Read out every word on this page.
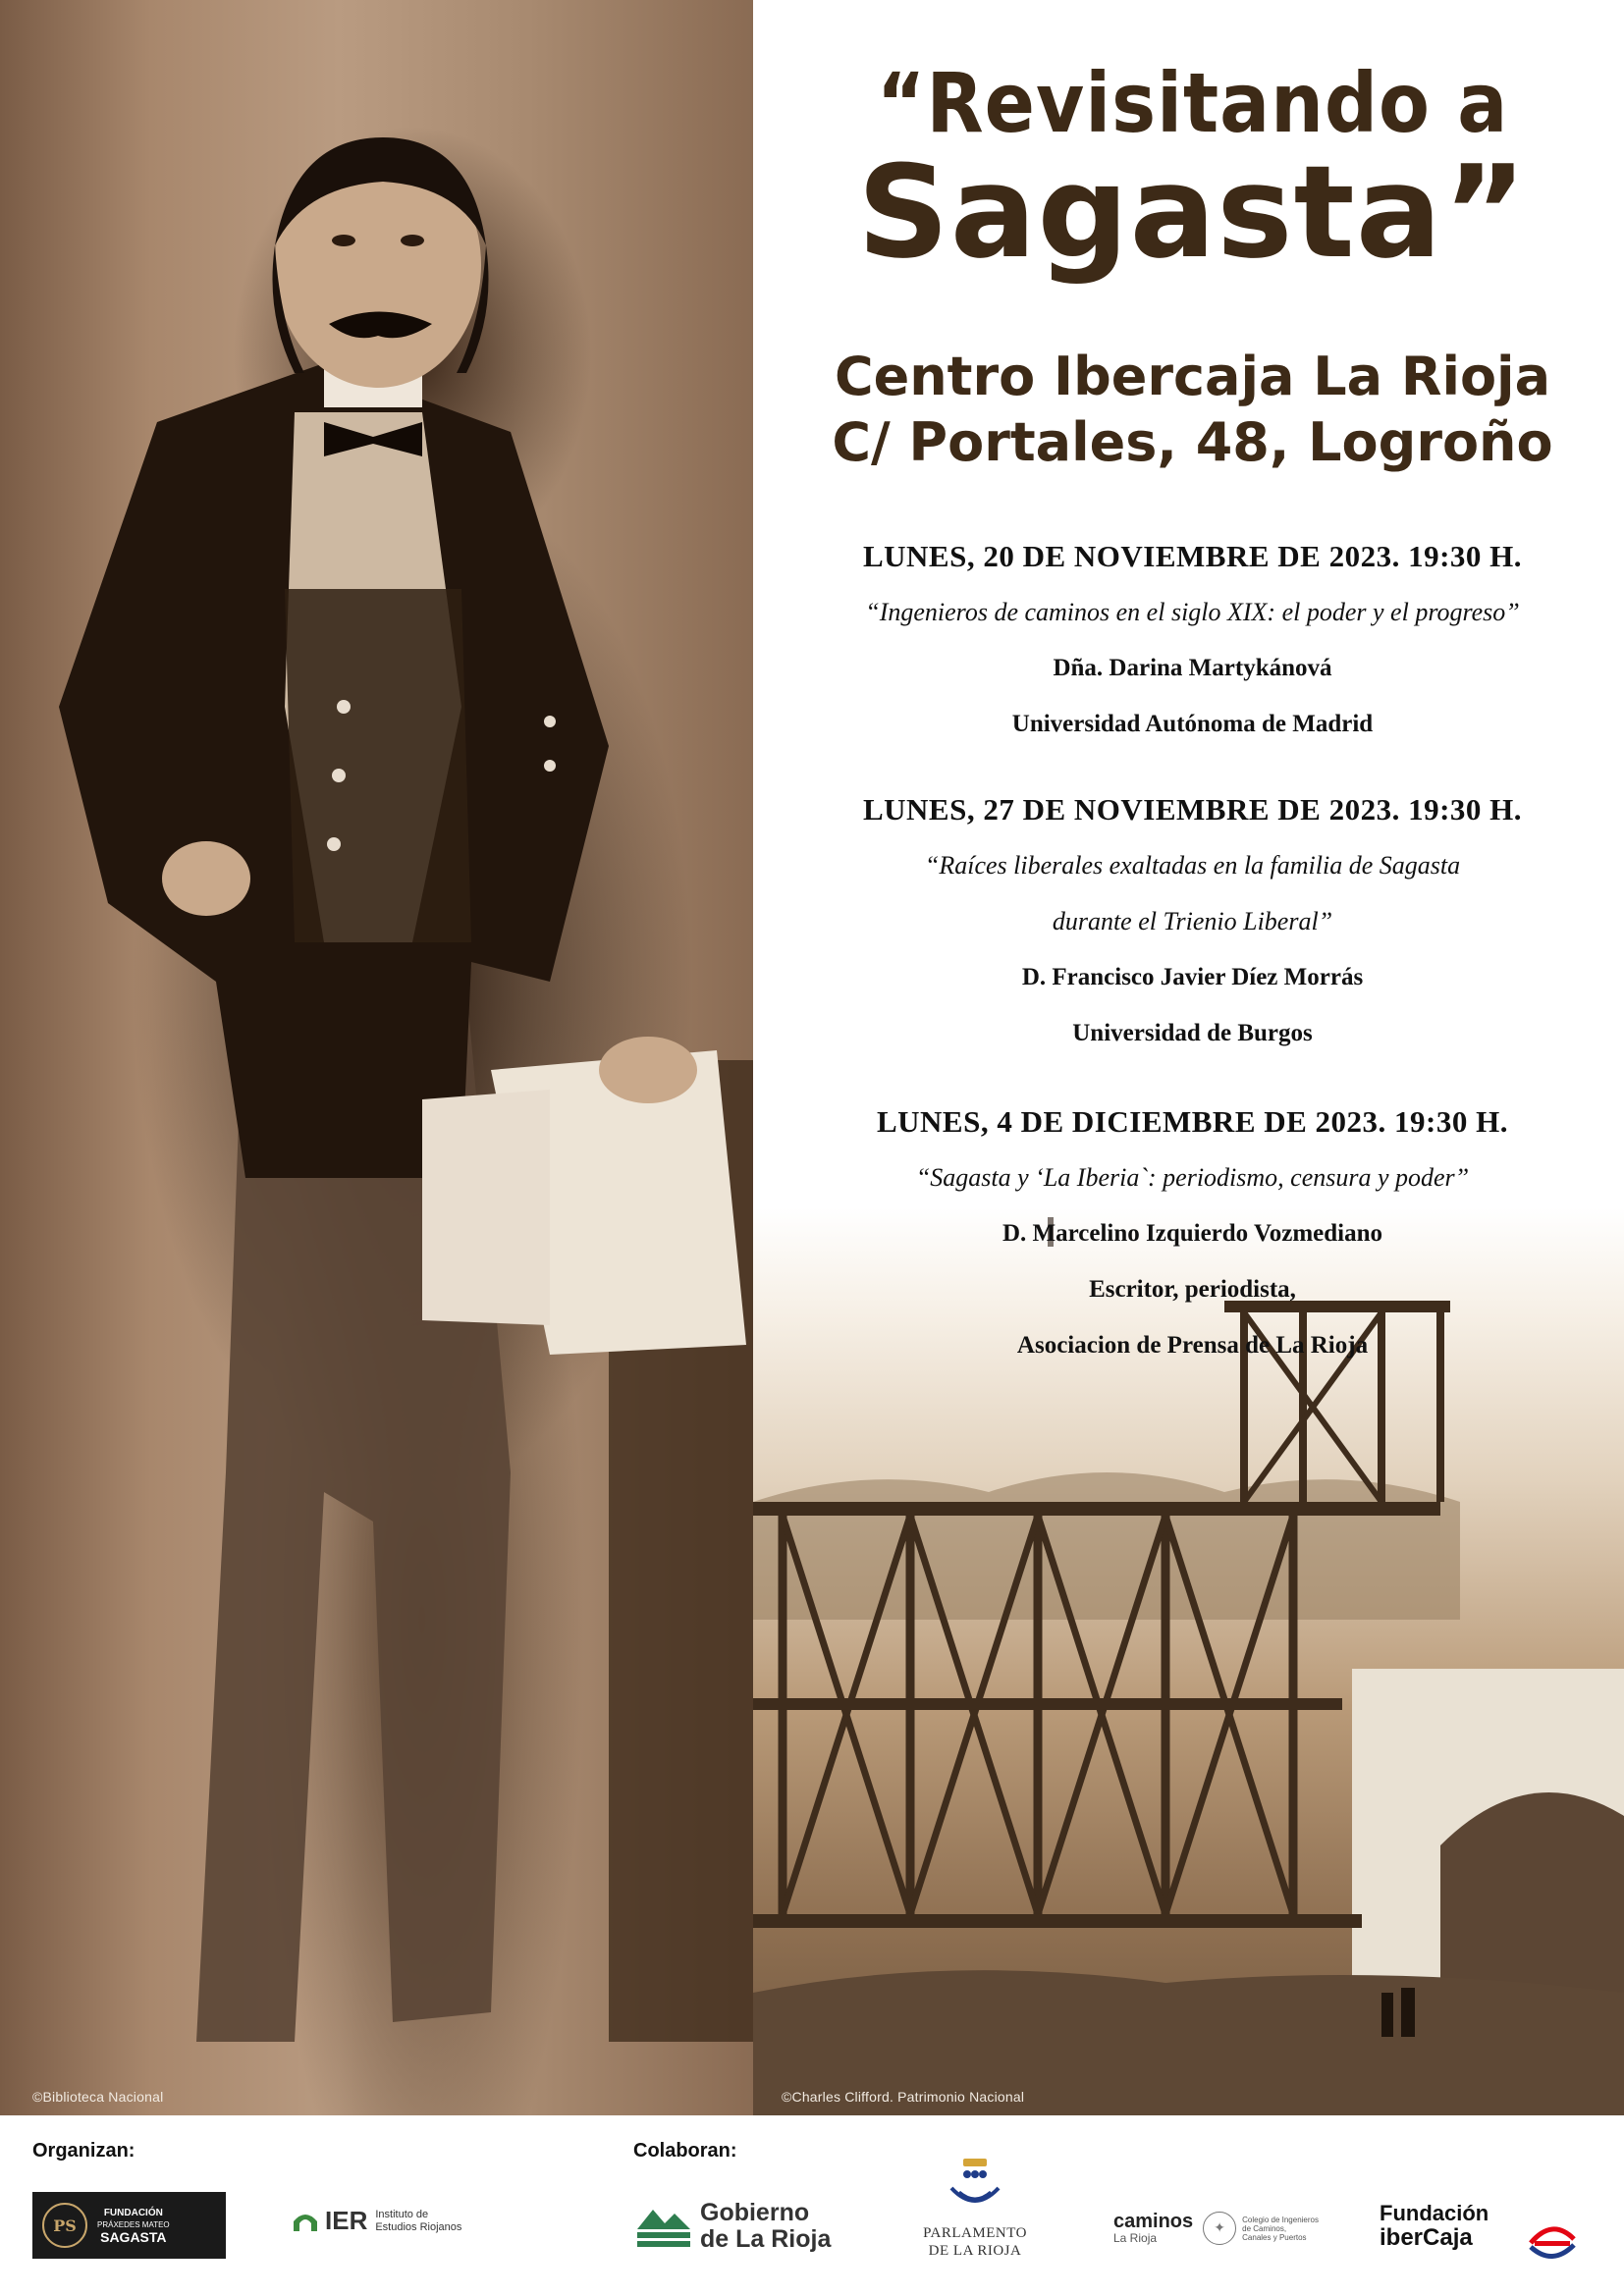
©Biblioteca Nacional	©Charles Clifford. Patrimonio Nacional
“Revisitando a
Sagasta”
Centro Ibercaja La Rioja
C/ Portales, 48, Logroño
LUNES, 20 DE NOVIEMBRE DE 2023. 19:30 H.
“Ingenieros de caminos en el siglo XIX: el poder y el progreso”
Dña. Darina Martykánová
Universidad Autónoma de Madrid
LUNES, 27 DE NOVIEMBRE DE 2023. 19:30 H.
“Raíces liberales exaltadas en la familia de Sagasta
durante el Trienio Liberal”
D. Francisco Javier Díez Morrás
Universidad de Burgos
LUNES, 4 DE DICIEMBRE DE 2023. 19:30 H.
“Sagasta y ‘La Iberia`: periodismo, censura y poder”
D. Marcelino Izquierdo Vozmediano
Escritor, periodista,
Asociacion de Prensa de La Rioja
Organizan:	Colaboran:
PS
FUNDACIÓN
PRÁXEDES MATEO
SAGASTA
IER Instituto de
Estudios Riojanos
Gobierno
de La Rioja	PARLAMENTO
DE LA RIOJA
caminos
La Rioja
✦
Colegio de Ingenieros
de Caminos,
Canales y Puertos
Fundación
iberCaja
